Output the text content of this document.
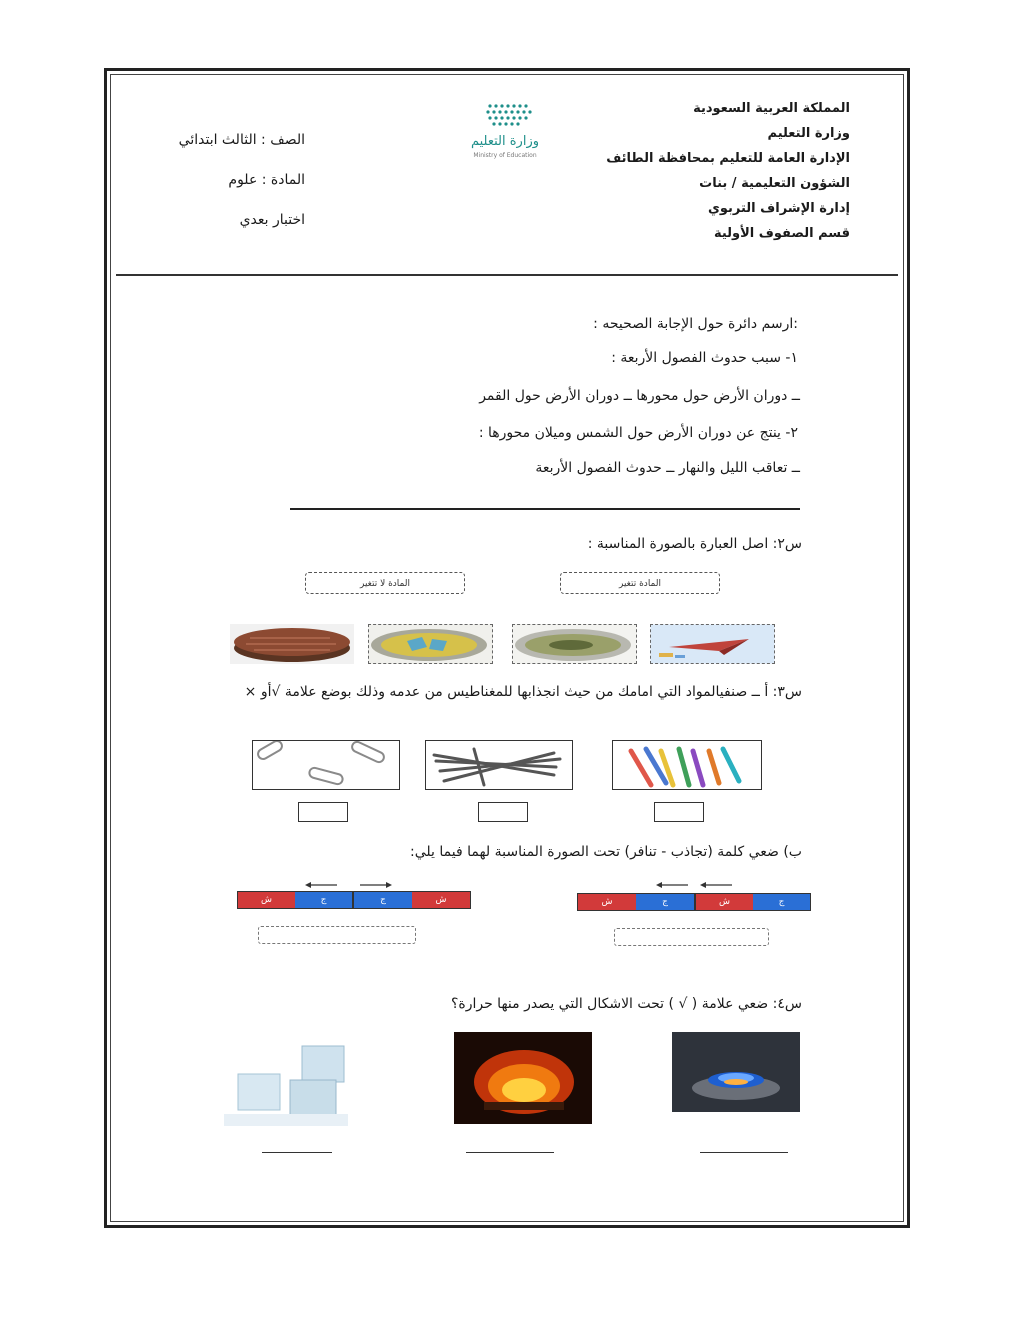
المملكة العربية السعودية
وزارة التعليم
الإدارة العامة للتعليم بمحافظة الطائف
الشؤون التعليمية / بنات
إدارة الإشراف التربوي
قسم الصفوف الأولية
وزارة التعليم
Ministry of Education
الصف : الثالث ابتدائي
المادة : علوم
اختبار بعدي
:ارسم دائرة حول الإجابة الصحيحه :
١- سبب حدوث الفصول الأربعة :
ــ دوران الأرض حول محورها ــ دوران الأرض حول القمر
٢- ينتج عن دوران الأرض حول الشمس وميلان محورها :
ــ تعاقب الليل والنهار ــ حدوث الفصول الأربعة
س٢: اصل العبارة بالصورة المناسبة :
المادة تتغير
المادة لا تتغير
س٣: أ ــ صنفيالمواد التي امامك من حيث انجذابها للمغناطيس من عدمه وذلك بوضع علامة √أو ×
ب) ضعي كلمة (تجاذب - تنافر) تحت الصورة المناسبة لهما فيما يلي:
ش	ج	ش	ج
ش	ج	ج	ش
س٤: ضعي علامة ( √ ) تحت الاشكال التي يصدر منها حرارة؟
